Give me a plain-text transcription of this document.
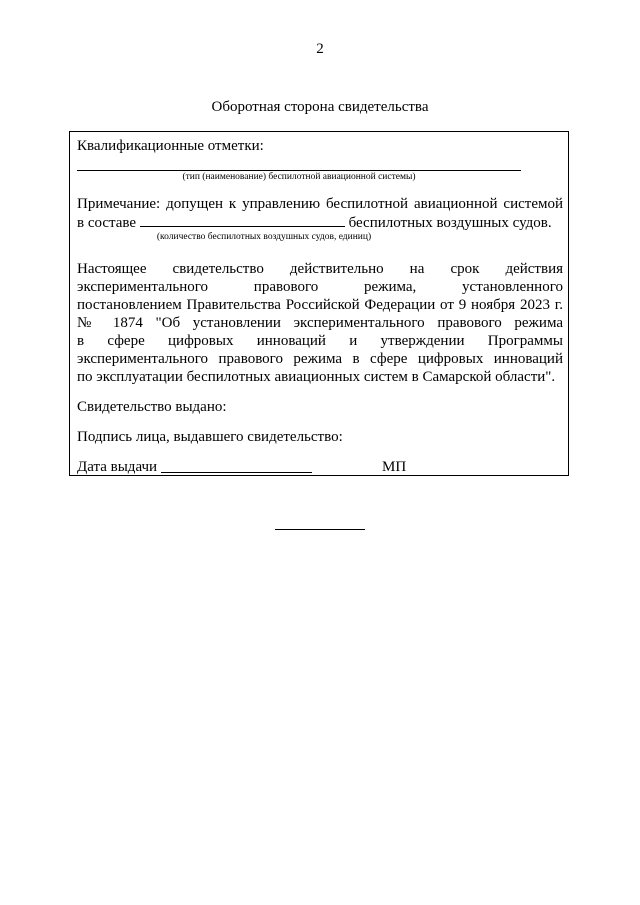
2
Оборотная сторона свидетельства
Квалификационные отметки:
(тип (наименование) беспилотной авиационной системы)
Примечание: допущен к управлению беспилотной авиационной системой
в составе	беспилотных воздушных судов.
(количество беспилотных воздушных судов, единиц)
Настоящее свидетельство действительно на срок действия
экспериментального правового режима, установленного
постановлением Правительства Российской Федерации от 9 ноября 2023 г.
№ 1874 "Об установлении экспериментального правового режима
в сфере цифровых инноваций и утверждении Программы
экспериментального правового режима в сфере цифровых инноваций
по эксплуатации беспилотных авиационных систем в Самарской области".
Свидетельство выдано:
Подпись лица, выдавшего свидетельство:
Дата выдачи	МП
